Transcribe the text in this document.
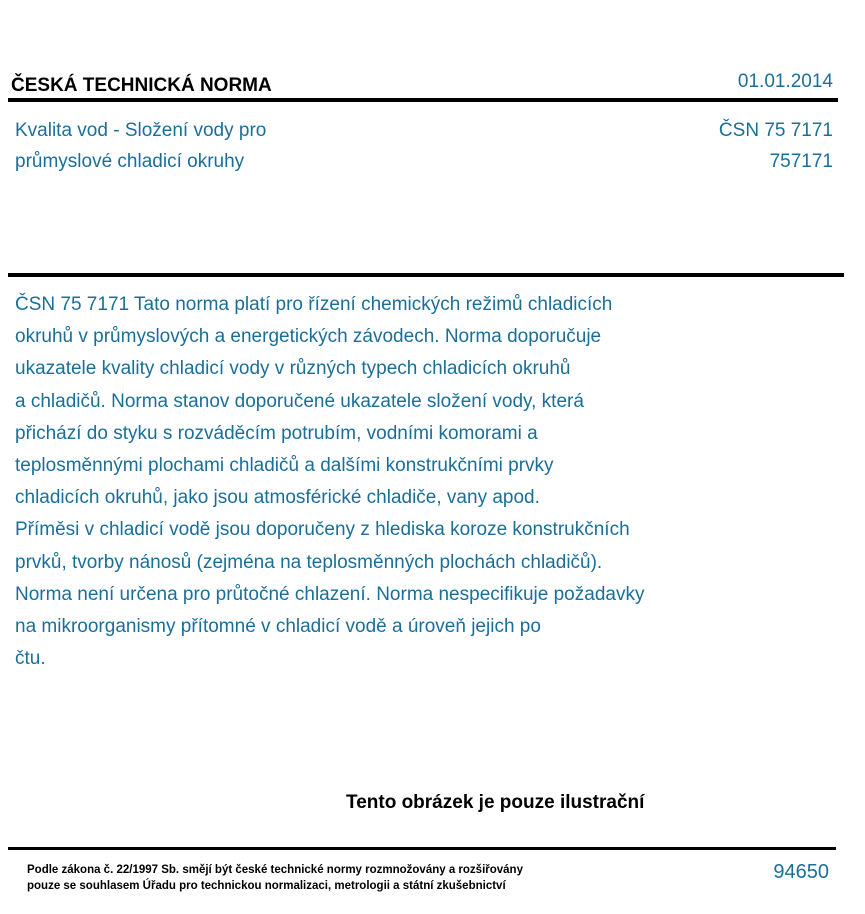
ČESKÁ TECHNICKÁ NORMA	01.01.2014
Kvalita vod - Složení vody pro
průmyslové chladicí okruhy
ČSN 75 7171
757171
ČSN 75 7171 Tato norma platí pro řízení chemických režimů chladicích
okruhů v průmyslových a energetických závodech. Norma doporučuje
ukazatele kvality chladicí vody v různých typech chladicích okruhů
a chladičů. Norma stanov doporučené ukazatele složení vody, která
přichází do styku s rozváděcím potrubím, vodními komorami a
teplosměnnými plochami chladičů a dalšími konstrukčními prvky
chladicích okruhů, jako jsou atmosférické chladiče, vany apod.
Příměsi v chladicí vodě jsou doporučeny z hlediska koroze konstrukčních
prvků, tvorby nánosů (zejména na teplosměnných plochách chladičů).
Norma není určena pro průtočné chlazení. Norma nespecifikuje požadavky
na mikroorganismy přítomné v chladicí vodě a úroveň jejich po
čtu.
Tento obrázek je pouze ilustrační
Podle zákona č. 22/1997 Sb. smějí být české technické normy rozmnožovány a rozšiřovány
pouze se souhlasem Úřadu pro technickou normalizaci, metrologii a státní zkušebnictví
94650
